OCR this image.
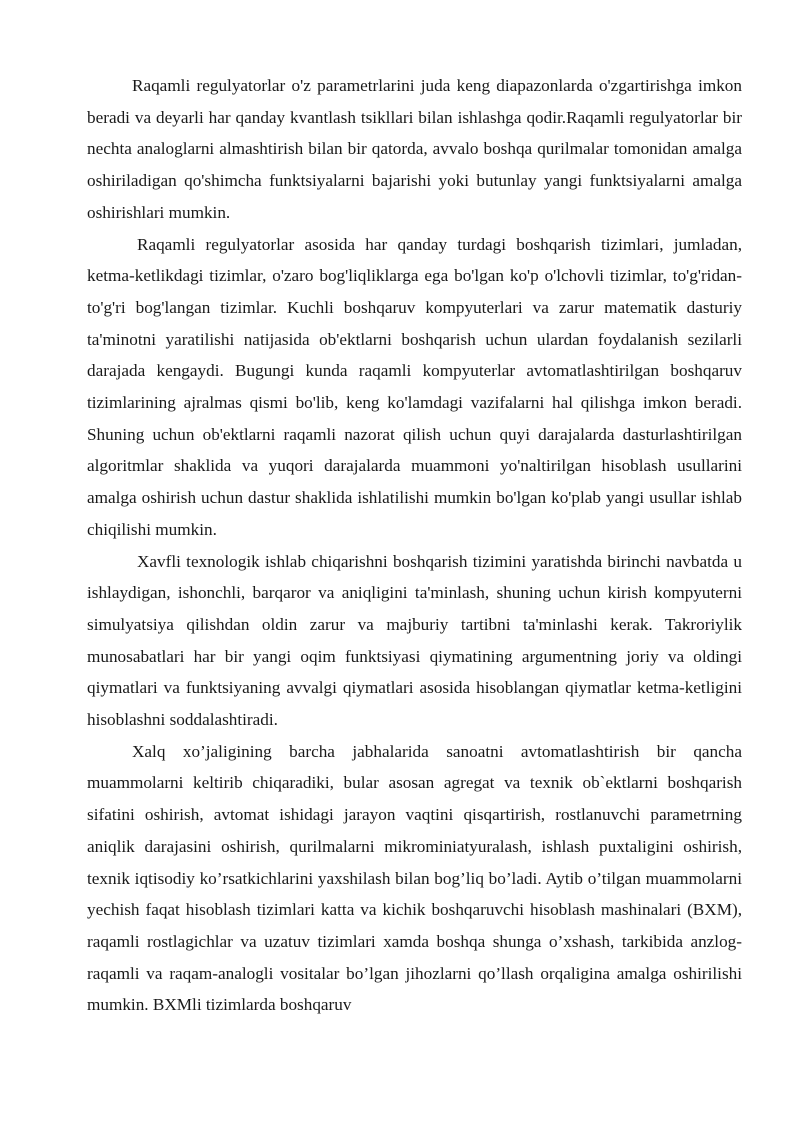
Raqamli regulyatorlar o'z parametrlarini juda keng diapazonlarda o'zgartirishga imkon beradi va deyarli har qanday kvantlash tsikllari bilan ishlashga qodir.Raqamli regulyatorlar bir nechta analoglarni almashtirish bilan bir qatorda, avvalo boshqa qurilmalar tomonidan amalga oshiriladigan qo'shimcha funktsiyalarni bajarishi yoki butunlay yangi funktsiyalarni amalga oshirishlari mumkin.

Raqamli regulyatorlar asosida har qanday turdagi boshqarish tizimlari, jumladan, ketma-ketlikdagi tizimlar, o'zaro bog'liqliklarga ega bo'lgan ko'p o'lchovli tizimlar, to'g'ridan-to'g'ri bog'langan tizimlar. Kuchli boshqaruv kompyuterlari va zarur matematik dasturiy ta'minotni yaratilishi natijasida ob'ektlarni boshqarish uchun ulardan foydalanish sezilarli darajada kengaydi. Bugungi kunda raqamli kompyuterlar avtomatlashtirilgan boshqaruv tizimlarining ajralmas qismi bo'lib, keng ko'lamdagi vazifalarni hal qilishga imkon beradi. Shuning uchun ob'ektlarni raqamli nazorat qilish uchun quyi darajalarda dasturlashtirilgan algoritmlar shaklida va yuqori darajalarda muammoni yo'naltirilgan hisoblash usullarini amalga oshirish uchun dastur shaklida ishlatilishi mumkin bo'lgan ko'plab yangi usullar ishlab chiqilishi mumkin.

Xavfli texnologik ishlab chiqarishni boshqarish tizimini yaratishda birinchi navbatda u ishlaydigan, ishonchli, barqaror va aniqligini ta'minlash, shuning uchun kirish kompyuterni simulyatsiya qilishdan oldin zarur va majburiy tartibni ta'minlashi kerak. Takroriylik munosabatlari har bir yangi oqim funktsiyasi qiymatining argumentning joriy va oldingi qiymatlari va funktsiyaning avvalgi qiymatlari asosida hisoblangan qiymatlar ketma-ketligini hisoblashni soddalashtiradi.

Xalq xo’jaligining barcha jabhalarida sanoatni avtomatlashtirish bir qancha muammolarni keltirib chiqaradiki, bular asosan agregat va texnik ob`ektlarni boshqarish sifatini oshirish, avtomat ishidagi jarayon vaqtini qisqartirish, rostlanuvchi parametrning aniqlik darajasini oshirish, qurilmalarni mikrominiatyuralash, ishlash puxtaligini oshirish, texnik iqtisodiy ko’rsatkichlarini yaxshilash bilan bog’liq bo’ladi. Aytib o’tilgan muammolarni yechish faqat hisoblash tizimlari katta va kichik boshqaruvchi hisoblash mashinalari (BXM), raqamli rostlagichlar va uzatuv tizimlari xamda boshqa shunga o’xshash, tarkibida anzlog-raqamli va raqam-analogli vositalar bo’lgan jihozlarni qo’llash orqaligina amalga oshirilishi mumkin. BXMli tizimlarda boshqaruv
